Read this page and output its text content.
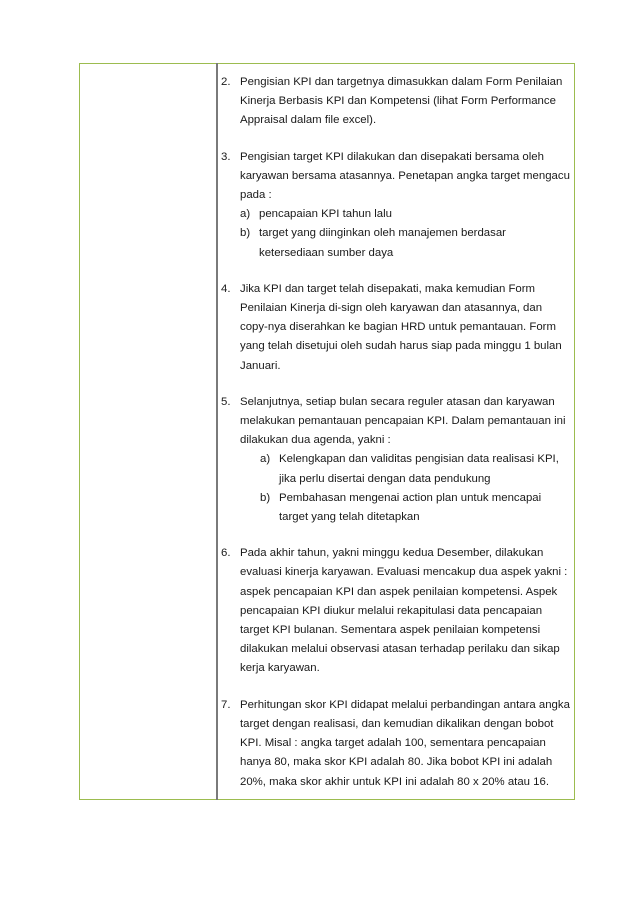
2. Pengisian KPI dan targetnya dimasukkan dalam Form Penilaian Kinerja Berbasis KPI dan Kompetensi (lihat Form Performance Appraisal dalam file excel).
3. Pengisian target KPI dilakukan dan disepakati bersama oleh karyawan bersama atasannya. Penetapan angka target mengacu pada :
a) pencapaian KPI tahun lalu
b) target yang diinginkan oleh manajemen berdasar ketersediaan sumber daya
4. Jika KPI dan target telah disepakati, maka kemudian Form Penilaian Kinerja di-sign oleh karyawan dan atasannya, dan copy-nya diserahkan ke bagian HRD untuk pemantauan. Form yang telah disetujui oleh sudah harus siap pada minggu 1 bulan Januari.
5. Selanjutnya, setiap bulan secara reguler atasan dan karyawan melakukan pemantauan pencapaian KPI. Dalam pemantauan ini dilakukan dua agenda, yakni :
a) Kelengkapan dan validitas pengisian data realisasi KPI, jika perlu disertai dengan data pendukung
b) Pembahasan mengenai action plan untuk mencapai target yang telah ditetapkan
6. Pada akhir tahun, yakni minggu kedua Desember, dilakukan evaluasi kinerja karyawan. Evaluasi mencakup dua aspek yakni : aspek pencapaian KPI dan aspek penilaian kompetensi. Aspek pencapaian KPI diukur melalui rekapitulasi data pencapaian target KPI bulanan. Sementara aspek penilaian kompetensi dilakukan melalui observasi atasan terhadap perilaku dan sikap kerja karyawan.
7. Perhitungan skor KPI didapat melalui perbandingan antara angka target dengan realisasi, dan kemudian dikalikan dengan bobot KPI. Misal : angka target adalah 100, sementara pencapaian hanya 80, maka skor KPI adalah 80. Jika bobot KPI ini adalah 20%, maka skor akhir untuk KPI ini adalah 80 x 20% atau 16.
